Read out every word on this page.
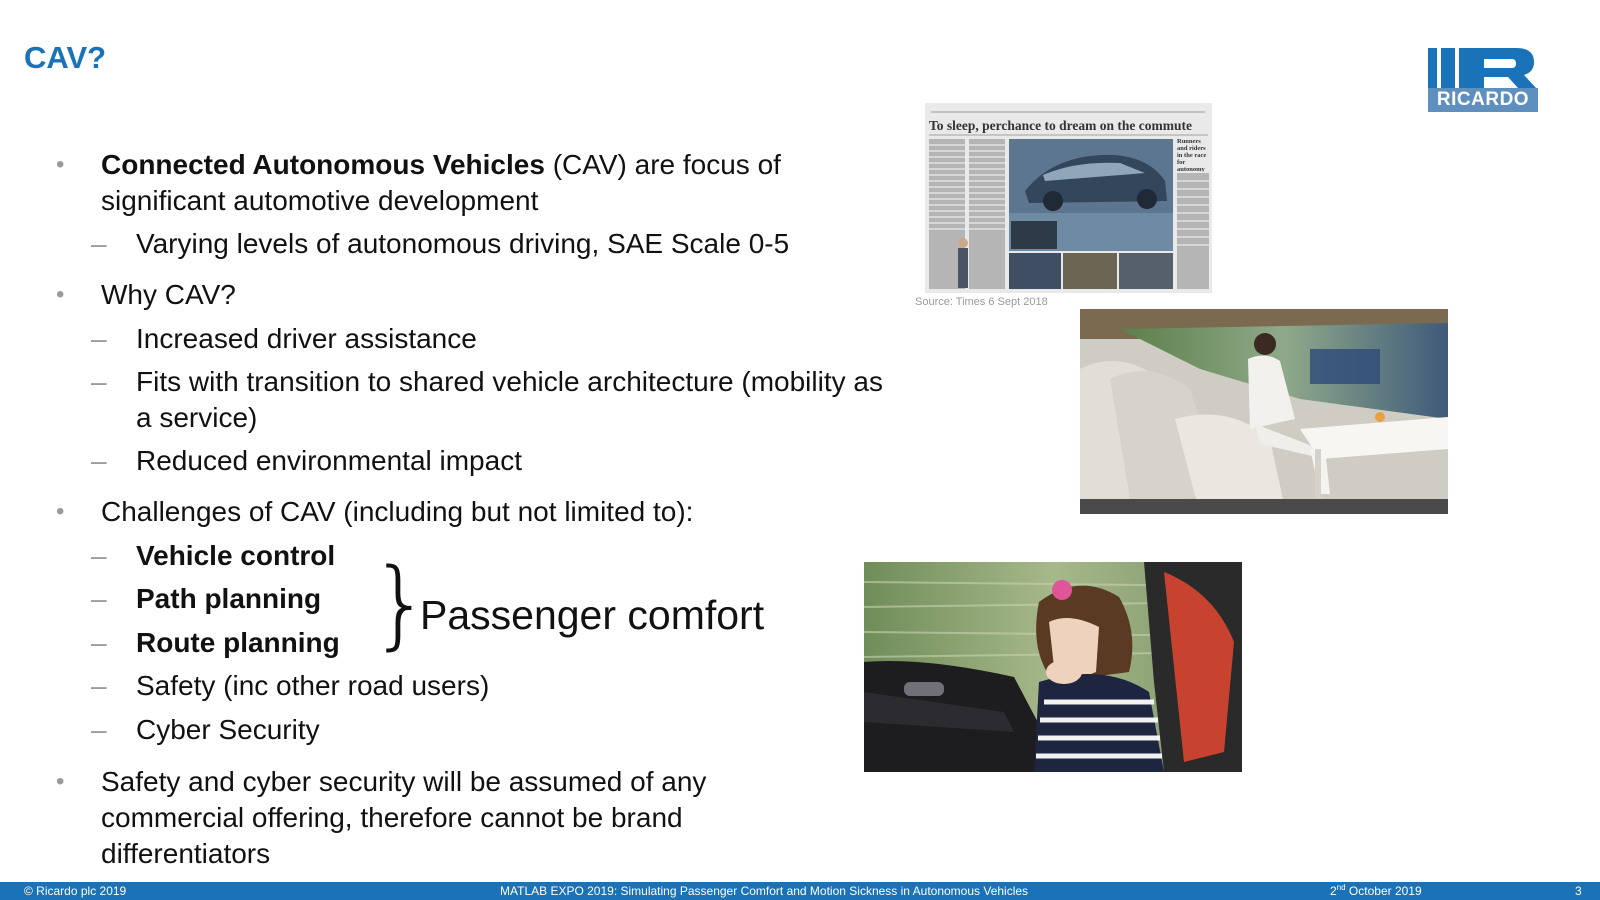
CAV?
RICARDO
• Connected Autonomous Vehicles (CAV) are focus of significant automotive development
– Varying levels of autonomous driving, SAE Scale 0-5
• Why CAV?
– Increased driver assistance
– Fits with transition to shared vehicle architecture (mobility as a service)
– Reduced environmental impact
• Challenges of CAV (including but not limited to):
– Vehicle control
– Path planning
– Route planning
– Safety (inc other road users)
– Cyber Security
• Safety and cyber security will be assumed of any commercial offering, therefore cannot be brand differentiators
}
Passenger comfort
To sleep, perchance to dream on the commute
Runners and riders in the race for autonomy
Source: Times 6 Sept 2018
© Ricardo plc 2019	MATLAB EXPO 2019: Simulating Passenger Comfort and Motion Sickness in Autonomous Vehicles	2nd October 2019	3
